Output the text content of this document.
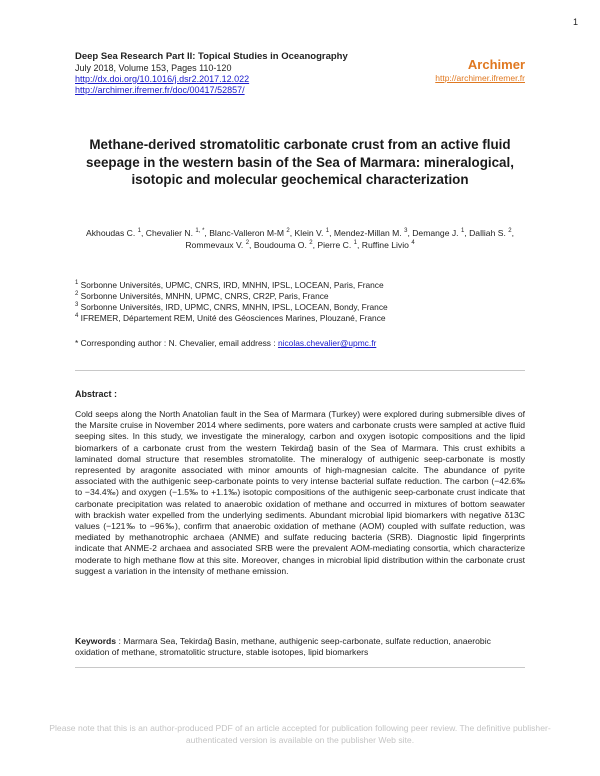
1
Deep Sea Research Part II: Topical Studies in Oceanography
July 2018, Volume 153, Pages 110-120
http://dx.doi.org/10.1016/j.dsr2.2017.12.022
http://archimer.ifremer.fr/doc/00417/52857/
Archimer
http://archimer.ifremer.fr
Methane-derived stromatolitic carbonate crust from an active fluid seepage in the western basin of the Sea of Marmara: mineralogical, isotopic and molecular geochemical characterization
Akhoudas C. $^1$, Chevalier N. $^{1, *}$, Blanc-Valleron M-M $^2$, Klein V. $^1$, Mendez-Millan M. $^3$, Demange J. $^1$, Dalliah S. $^2$,
Rommevaux V. $^2$, Boudouma O. $^2$, Pierre C. $^1$, Ruffine Livio $^4$
$^1$ Sorbonne Universités, UPMC, CNRS, IRD, MNHN, IPSL, LOCEAN, Paris, France
$^2$ Sorbonne Universités, MNHN, UPMC, CNRS, CR2P, Paris, France
$^3$ Sorbonne Universités, IRD, UPMC, CNRS, MNHN, IPSL, LOCEAN, Bondy, France
$^4$ IFREMER, Département REM, Unité des Géosciences Marines, Plouzané, France
* Corresponding author : N. Chevalier, email address : nicolas.chevalier@upmc.fr
Abstract :
Cold seeps along the North Anatolian fault in the Sea of Marmara (Turkey) were explored during submersible dives of the Marsite cruise in November 2014 where sediments, pore waters and carbonate crusts were sampled at active fluid seeping sites. In this study, we investigate the mineralogy, carbon and oxygen isotopic compositions and the lipid biomarkers of a carbonate crust from the western Tekirdağ basin of the Sea of Marmara. This crust exhibits a laminated domal structure that resembles stromatolite. The mineralogy of authigenic seep-carbonate is mostly represented by aragonite associated with minor amounts of high-magnesian calcite. The abundance of pyrite associated with the authigenic seep-carbonate points to very intense bacterial sulfate reduction. The carbon (−42.6‰ to −34.4‰) and oxygen (−1.5‰ to +1.1‰) isotopic compositions of the authigenic seep-carbonate crust indicate that carbonate precipitation was related to anaerobic oxidation of methane and occurred in mixtures of bottom seawater with brackish water expelled from the underlying sediments. Abundant microbial lipid biomarkers with negative δ13C values (−121‰ to −96‰), confirm that anaerobic oxidation of methane (AOM) coupled with sulfate reduction, was mediated by methanotrophic archaea (ANME) and sulfate reducing bacteria (SRB). Diagnostic lipid fingerprints indicate that ANME-2 archaea and associated SRB were the prevalent AOM-mediating consortia, which characterize moderate to high methane flow at this site. Moreover, changes in microbial lipid distribution within the carbonate crust suggest a variation in the intensity of methane emission.
Keywords : Marmara Sea, Tekirdağ Basin, methane, authigenic seep-carbonate, sulfate reduction, anaerobic oxidation of methane, stromatolitic structure, stable isotopes, lipid biomarkers
Please note that this is an author-produced PDF of an article accepted for publication following peer review. The definitive publisher-authenticated version is available on the publisher Web site.
